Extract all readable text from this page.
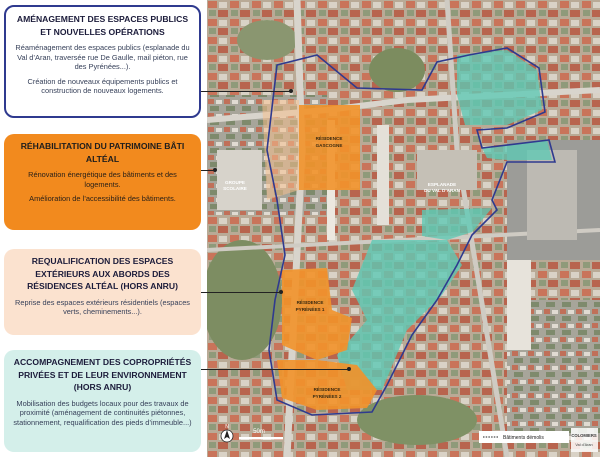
AMÉNAGEMENT DES ESPACES PUBLICS ET NOUVELLES OPÉRATIONS
Réaménagement des espaces publics (esplanade du Val d’Aran, traversée rue De Gaulle, mail piéton, rue des Pyrénées...).
Création de nouveaux équipements publics et construction de nouveaux logements.
RÉHABILITATION DU PATRIMOINE BÂTI ALTÉAL
Rénovation énergétique des bâtiments et des logements.
Amélioration de l’accessibilité des bâtiments.
REQUALIFICATION DES ESPACES EXTÉRIEURS AUX ABORDS DES RÉSIDENCES ALTÉAL (HORS ANRU)
Reprise des espaces extérieurs résidentiels (espaces verts, cheminements...).
ACCOMPAGNEMENT DES COPROPRIÉTÉS PRIVÉES ET DE LEUR ENVIRONNEMENT (HORS ANRU)
Mobilisation des budgets locaux pour des travaux de proximité (aménagement de continuités piétonnes, stationnement, requalification des pieds d’immeuble...)
RÉSIDENCE
GASCOGNE
GROUPE
SCOLAIRE
ESPLANADE
DU VAL D’ARAN
RÉSIDENCE
PYRÉNÉES 1
RÉSIDENCE
PYRÉNÉES 2
N
50m
Bâtiments démolis	COLOMIERS
Val d’Aran
